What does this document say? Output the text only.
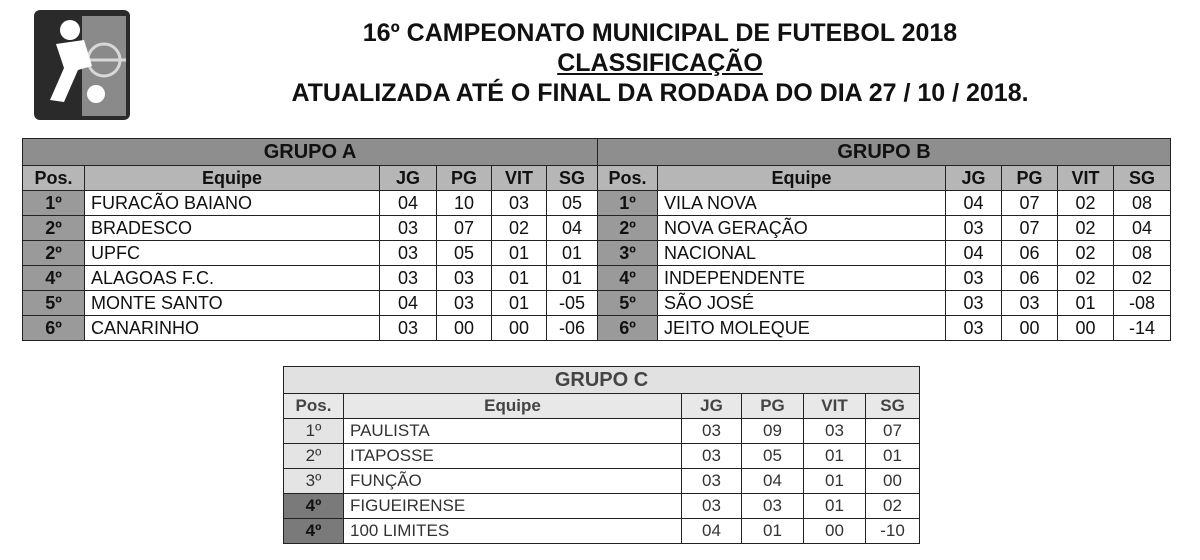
16º CAMPEONATO MUNICIPAL DE FUTEBOL 2018
CLASSIFICAÇÃO
ATUALIZADA ATÉ O FINAL DA RODADA DO DIA 27 / 10 / 2018.
GRUPO A					
Pos.	Equipe	JG	PG	VIT	SG
1º	FURACÃO BAIANO	04	10	03	05
2º	BRADESCO	03	07	02	04
2º	UPFC	03	05	01	01
4º	ALAGOAS F.C.	03	03	01	01
5º	MONTE SANTO	04	03	01	-05
6º	CANARINHO	03	00	00	-06
GRUPO B					
Pos.	Equipe	JG	PG	VIT	SG
1º	VILA NOVA	04	07	02	08
2º	NOVA GERAÇÃO	03	07	02	04
3º	NACIONAL	04	06	02	08
4º	INDEPENDENTE	03	06	02	02
5º	SÃO JOSÉ	03	03	01	-08
6º	JEITO MOLEQUE	03	00	00	-14
GRUPO C					
Pos.	Equipe	JG	PG	VIT	SG
1º	PAULISTA	03	09	03	07
2º	ITAPOSSE	03	05	01	01
3º	FUNÇÃO	03	04	01	00
4º	FIGUEIRENSE	03	03	01	02
4º	100 LIMITES	04	01	00	-10
